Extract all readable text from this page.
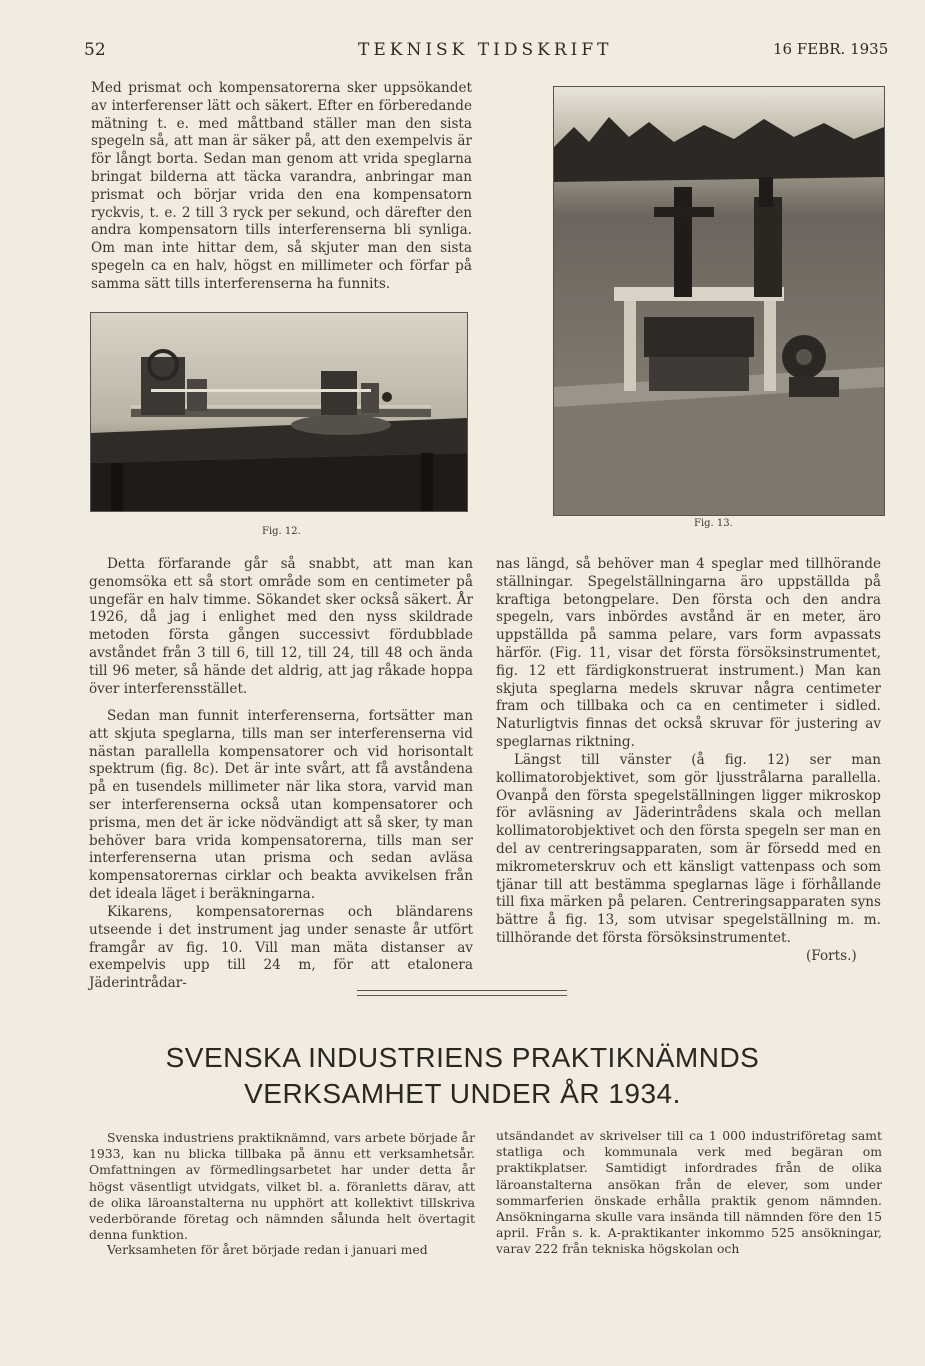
52	TEKNISK TIDSKRIFT	16 FEBR. 1935

Med prismat och kompensatorerna sker uppsökandet av interferenser lätt och säkert. Efter en förberedande mätning t. e. med måttband ställer man den sista spegeln så, att man är säker på, att den exempelvis är för långt borta. Sedan man genom att vrida speglarna bringat bilderna att täcka varandra, anbringar man prismat och börjar vrida den ena kompensatorn ryckvis, t. e. 2 till 3 ryck per sekund, och därefter den andra kompensatorn tills interferenserna bli synliga. Om man inte hittar dem, så skjuter man den sista spegeln ca en halv, högst en millimeter och förfar på samma sätt tills interferenserna ha funnits.

Fig. 12.
Fig. 13.

Detta förfarande går så snabbt, att man kan genomsöka ett så stort område som en centimeter på ungefär en halv timme. Sökandet sker också säkert. År 1926, då jag i enlighet med den nyss skildrade metoden första gången successivt fördubblade avståndet från 3 till 6, till 12, till 24, till 48 och ända till 96 meter, så hände det aldrig, att jag råkade hoppa över interferensstället.

Sedan man funnit interferenserna, fortsätter man att skjuta speglarna, tills man ser interferenserna vid nästan parallella kompensatorer och vid horisontalt spektrum (fig. 8c). Det är inte svårt, att få avståndena på en tusendels millimeter när lika stora, varvid man ser interferenserna också utan kompensatorer och prisma, men det är icke nödvändigt att så sker, ty man behöver bara vrida kompensatorerna, tills man ser interferenserna utan prisma och sedan avläsa kompensatorernas cirklar och beakta avvikelsen från det ideala läget i beräkningarna.

Kikarens, kompensatorernas och bländarens utseende i det instrument jag under senaste år utfört framgår av fig. 10. Vill man mäta distanser av exempelvis upp till 24 m, för att etalonera Jäderintrådar-

nas längd, så behöver man 4 speglar med tillhörande ställningar. Spegelställningarna äro uppställda på kraftiga betongpelare. Den första och den andra spegeln, vars inbördes avstånd är en meter, äro uppställda på samma pelare, vars form avpassats härför. (Fig. 11, visar det första försöksinstrumentet, fig. 12 ett färdigkonstruerat instrument.) Man kan skjuta speglarna medels skruvar några centimeter fram och tillbaka och ca en centimeter i sidled. Naturligtvis finnas det också skruvar för justering av speglarnas riktning.

Längst till vänster (å fig. 12) ser man kollimatorobjektivet, som gör ljusstrålarna parallella. Ovanpå den första spegelställningen ligger mikroskop för avläsning av Jäderintrådens skala och mellan kollimatorobjektivet och den första spegeln ser man en del av centreringsapparaten, som är försedd med en mikrometerskruv och ett känsligt vattenpass och som tjänar till att bestämma speglarnas läge i förhållande till fixa märken på pelaren. Centreringsapparaten syns bättre å fig. 13, som utvisar spegelställning m. m. tillhörande det första försöksinstrumentet.

(Forts.)
SVENSKA INDUSTRIENS PRAKTIKNÄMNDS
VERKSAMHET UNDER ÅR 1934.

Svenska industriens praktiknämnd, vars arbete började år 1933, kan nu blicka tillbaka på ännu ett verksamhetsår. Omfattningen av förmedlingsarbetet har under detta år högst väsentligt utvidgats, vilket bl. a. föranletts därav, att de olika läroanstalterna nu upphört att kollektivt tillskriva vederbörande företag och nämnden sålunda helt övertagit denna funktion.

Verksamheten för året började redan i januari med

utsändandet av skrivelser till ca 1 000 industriföretag samt statliga och kommunala verk med begäran om praktikplatser. Samtidigt infordrades från de olika läroanstalterna ansökan från de elever, som under sommarferien önskade erhålla praktik genom nämnden. Ansökningarna skulle vara insända till nämnden före den 15 april. Från s. k. A-praktikanter inkommo 525 ansökningar, varav 222 från tekniska högskolan och
